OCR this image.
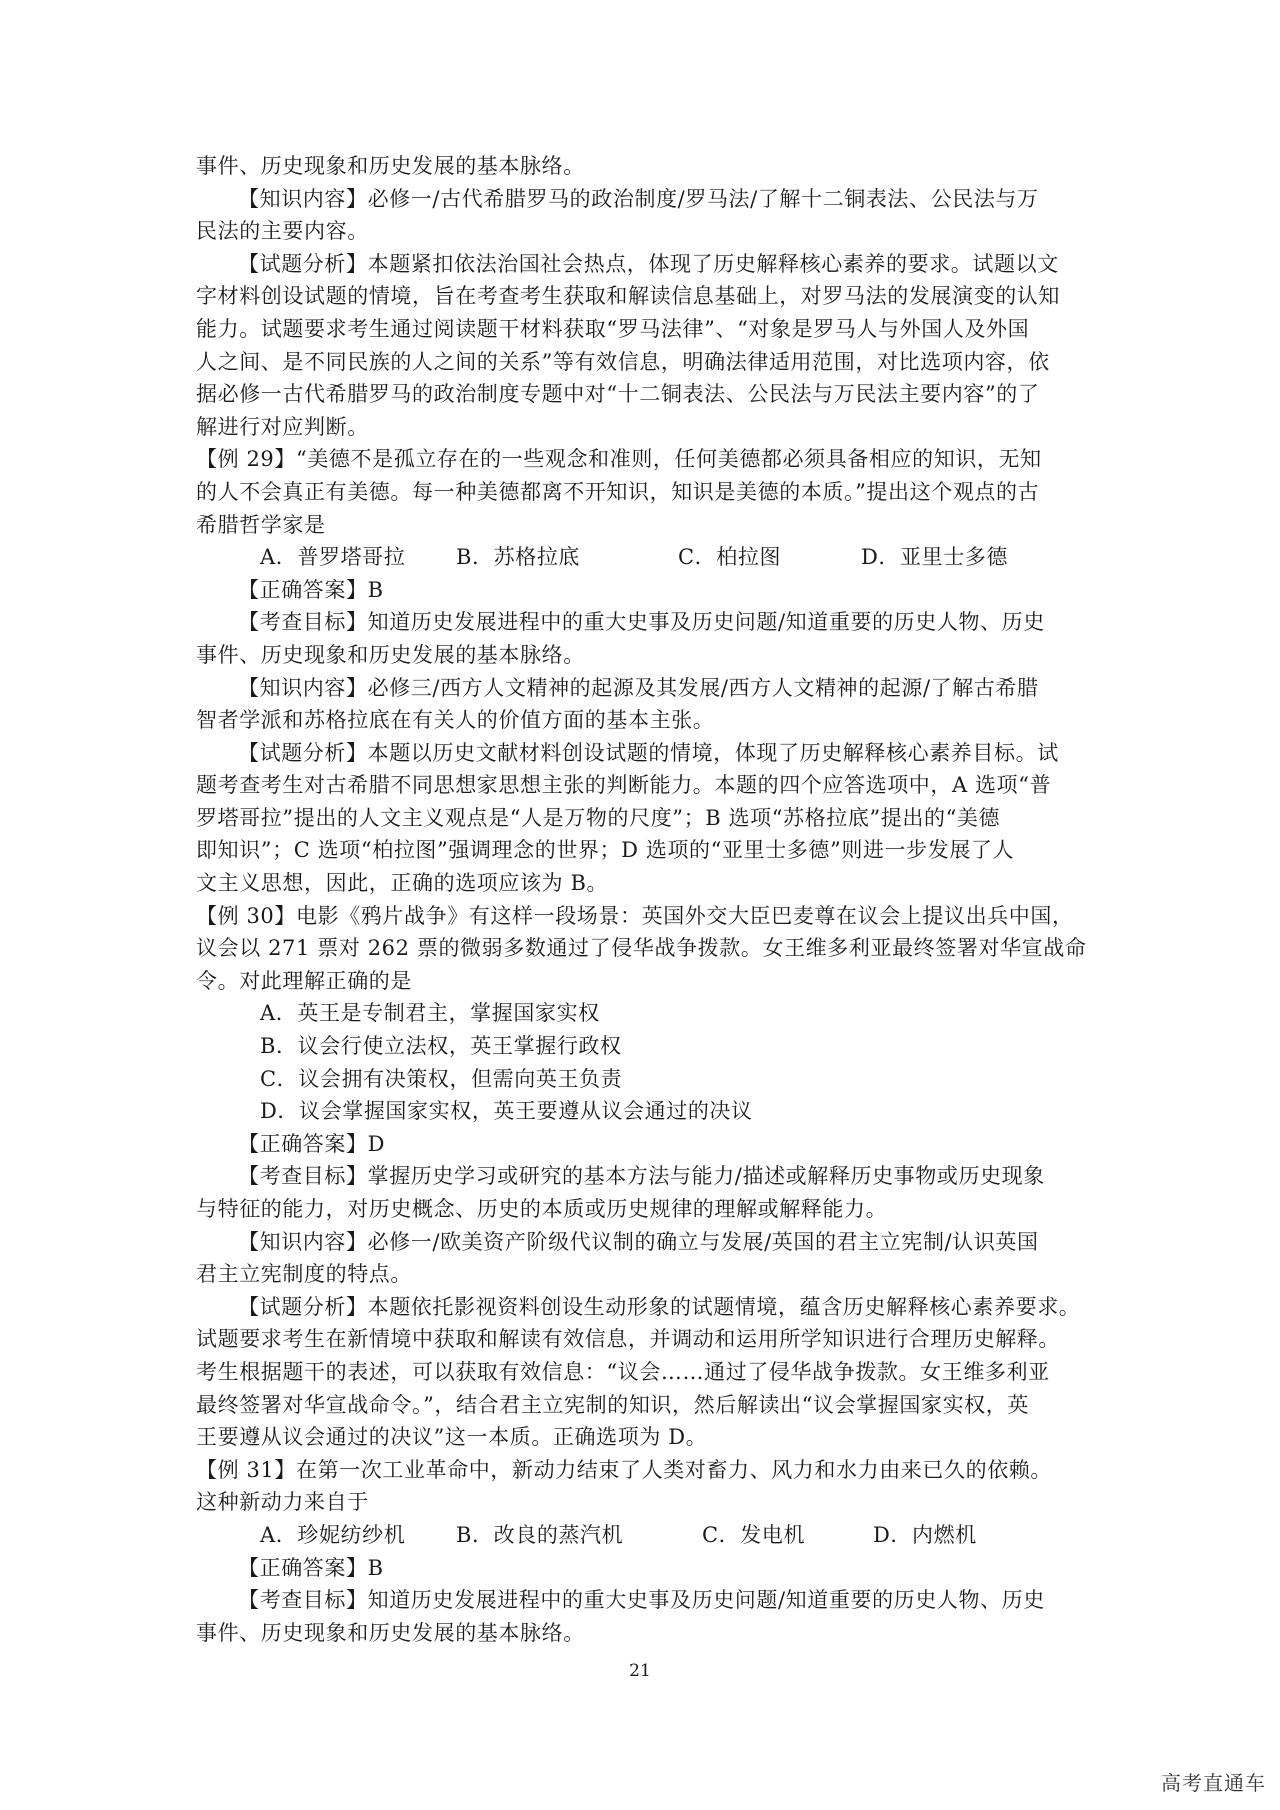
事件、历史现象和历史发展的基本脉络。
【知识内容】必修一/古代希腊罗马的政治制度/罗马法/了解十二铜表法、公民法与万
民法的主要内容。
【试题分析】本题紧扣依法治国社会热点，体现了历史解释核心素养的要求。试题以文
字材料创设试题的情境，旨在考查考生获取和解读信息基础上，对罗马法的发展演变的认知
能力。试题要求考生通过阅读题干材料获取“罗马法律”、“对象是罗马人与外国人及外国
人之间、是不同民族的人之间的关系”等有效信息，明确法律适用范围，对比选项内容，依
据必修一古代希腊罗马的政治制度专题中对“十二铜表法、公民法与万民法主要内容”的了
解进行对应判断。
【例 29】“美德不是孤立存在的一些观念和准则，任何美德都必须具备相应的知识，无知
的人不会真正有美德。每一种美德都离不开知识，知识是美德的本质。”提出这个观点的古
希腊哲学家是
A．普罗塔哥拉	B．苏格拉底	C．柏拉图	D．亚里士多德
【正确答案】B
【考查目标】知道历史发展进程中的重大史事及历史问题/知道重要的历史人物、历史
事件、历史现象和历史发展的基本脉络。
【知识内容】必修三/西方人文精神的起源及其发展/西方人文精神的起源/了解古希腊
智者学派和苏格拉底在有关人的价值方面的基本主张。
【试题分析】本题以历史文献材料创设试题的情境，体现了历史解释核心素养目标。试
题考查考生对古希腊不同思想家思想主张的判断能力。本题的四个应答选项中，A 选项“普
罗塔哥拉”提出的人文主义观点是“人是万物的尺度”；B 选项“苏格拉底”提出的“美德
即知识”；C 选项“柏拉图”强调理念的世界；D 选项的“亚里士多德”则进一步发展了人
文主义思想，因此，正确的选项应该为 B。
【例 30】电影《鸦片战争》有这样一段场景：英国外交大臣巴麦尊在议会上提议出兵中国，
议会以 271 票对 262 票的微弱多数通过了侵华战争拨款。女王维多利亚最终签署对华宣战命
令。对此理解正确的是
A．英王是专制君主，掌握国家实权
B．议会行使立法权，英王掌握行政权
C．议会拥有决策权，但需向英王负责
D．议会掌握国家实权，英王要遵从议会通过的决议
【正确答案】D
【考查目标】掌握历史学习或研究的基本方法与能力/描述或解释历史事物或历史现象
与特征的能力，对历史概念、历史的本质或历史规律的理解或解释能力。
【知识内容】必修一/欧美资产阶级代议制的确立与发展/英国的君主立宪制/认识英国
君主立宪制度的特点。
【试题分析】本题依托影视资料创设生动形象的试题情境，蕴含历史解释核心素养要求。
试题要求考生在新情境中获取和解读有效信息，并调动和运用所学知识进行合理历史解释。
考生根据题干的表述，可以获取有效信息：“议会……通过了侵华战争拨款。女王维多利亚
最终签署对华宣战命令。”，结合君主立宪制的知识，然后解读出“议会掌握国家实权，英
王要遵从议会通过的决议”这一本质。正确选项为 D。
【例 31】在第一次工业革命中，新动力结束了人类对畜力、风力和水力由来已久的依赖。
这种新动力来自于
A．珍妮纺纱机	B．改良的蒸汽机	C．发电机	D．内燃机
【正确答案】B
【考查目标】知道历史发展进程中的重大史事及历史问题/知道重要的历史人物、历史
事件、历史现象和历史发展的基本脉络。
21
高考直通车
